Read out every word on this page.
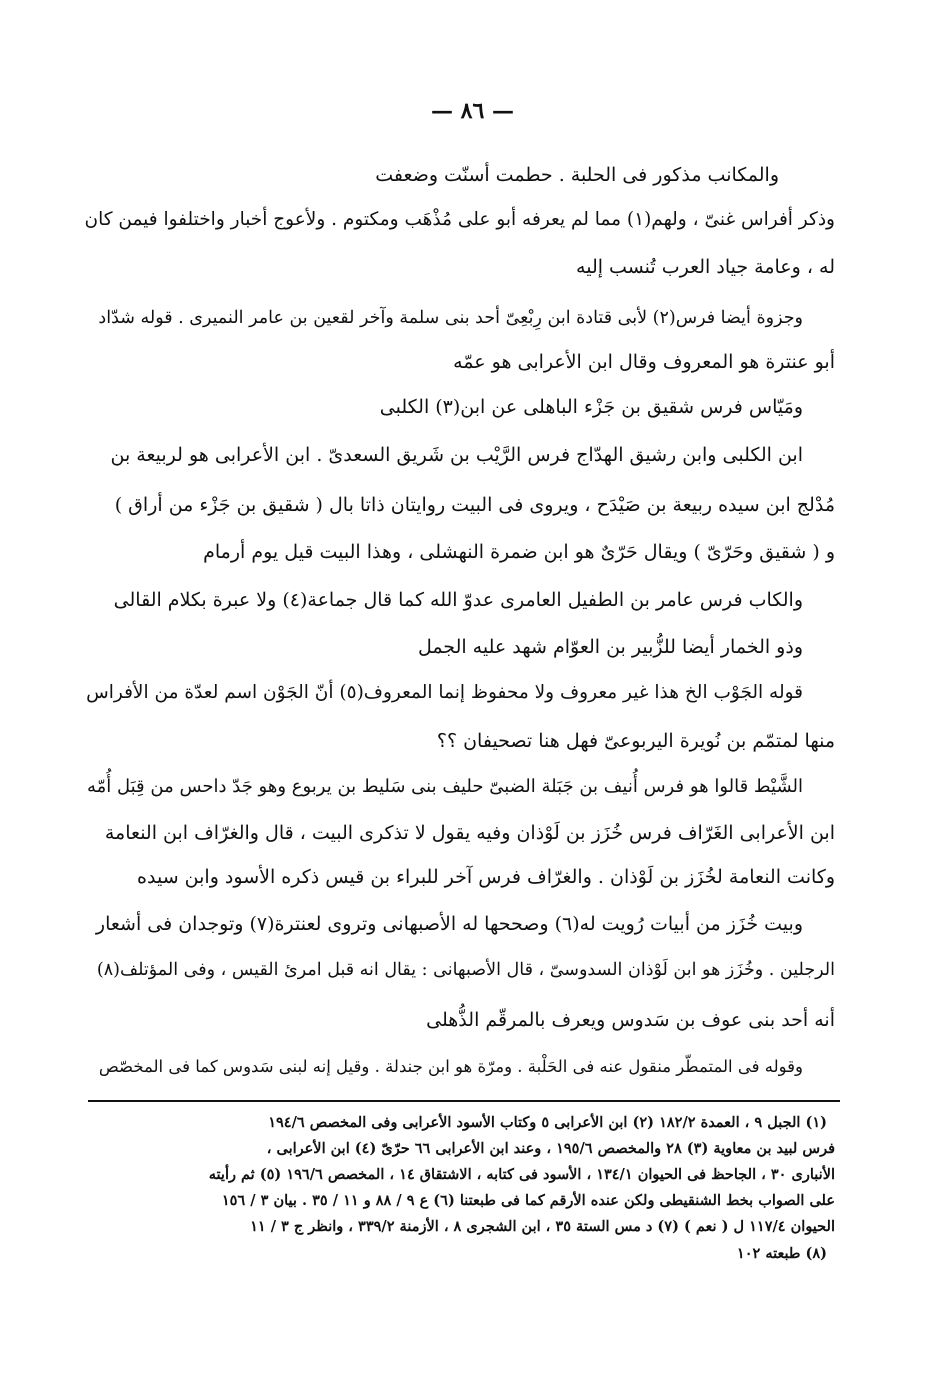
— ٨٦ —
والمكانب مذكور فى الحلبة . حطمت أسنّت وضعفت
وذكر أفراس غنىّ ، ولهم(١) مما لم يعرفه أبو على مُذْهَب ومكتوم . ولأعوج أخبار واختلفوا فيمن كان
له ، وعامة جياد العرب تُنسب إليه
وجزوة أيضا فرس(٢) لأبى قتادة ابن رِبْعِىّ أحد بنى سلمة وآخر لقعين بن عامر النميرى . قوله شدّاد
أبو عنترة هو المعروف وقال ابن الأعرابى هو عمّه
ومَيّاس فرس شقيق بن جَزْء الباهلى عن ابن(٣) الكلبى
ابن الكلبى وابن رشيق الهدّاج فرس الرَّيْب بن شَريق السعدىّ . ابن الأعرابى هو لربيعة بن
مُدْلج ابن سيده ربيعة بن صَيْدَح ، ويروى فى البيت روايتان ذاتا بال ( شقيق بن جَزْء من أراق )
و ( شقيق وحَرّىّ ) ويقال حَرّىٌ هو ابن ضمرة النهشلى ، وهذا البيت قيل يوم أرمام
والكاب فرس عامر بن الطفيل العامرى عدوّ الله كما قال جماعة(٤) ولا عبرة بكلام القالى
وذو الخمار أيضا للزُّبير بن العوّام شهد عليه الجمل
قوله الجَوْب الخ هذا غير معروف ولا محفوظ إنما المعروف(٥) أنّ الجَوْن اسم لعدّة من الأفراس
منها لمتمّم بن نُويرة اليربوعىّ فهل هنا تصحيفان ؟؟
الشَّيْط قالوا هو فرس أُنيف بن جَبَلة الضبىّ حليف بنى سَليط بن يربوع وهو جَدّ داحس من قِبَل أُمّه
ابن الأعرابى الغَرّاف فرس خُزَز بن لَوْذان وفيه يقول لا تذكرى البيت ، قال والغرّاف ابن النعامة
وكانت النعامة لخُزَز بن لَوْذان . والغرّاف فرس آخر للبراء بن قيس ذكره الأسود وابن سيده
وبيت خُزَز من أبيات رُويت له(٦) وصححها له الأصبهانى وتروى لعنترة(٧) وتوجدان فى أشعار
الرجلين . وخُزَز هو ابن لَوْذان السدوسىّ ، قال الأصبهانى : يقال انه قبل امرئ القيس ، وفى المؤتلف(٨)
أنه أحد بنى عوف بن سَدوس ويعرف بالمرقّم الذُّهلى
وقوله فى المتمطّر منقول عنه فى الحَلْبة . ومرّة هو ابن جندلة . وقيل إنه لبنى سَدوس كما فى المخصّص
(١) الجبل ٩ ، العمدة ١٨٢/٢ (٢) ابن الأعرابى ٥ وكتاب الأسود الأعرابى وفى المخصص ١٩٤/٦
فرس لبيد بن معاوية (٣) ٢٨ والمخصص ١٩٥/٦ ، وعند ابن الأعرابى ٦٦ حرّىّ (٤) ابن الأعرابى ،
الأنبارى ٣٠ ، الجاحظ فى الحيوان ١٣٤/١ ، الأسود فى كتابه ، الاشتقاق ١٤ ، المخصص ١٩٦/٦ (٥) ثم رأيته
على الصواب بخط الشنقيطى ولكن عنده الأرقم كما فى طبعتنا (٦) ع ٩ / ٨٨ و ١١ / ٣٥ . بيان ٣ / ١٥٦
الحيوان ١١٧/٤ ل ( نعم ) (٧) د مس الستة ٣٥ ، ابن الشجرى ٨ ، الأزمنة ٣٣٩/٢ ، وانظر ج ٣ / ١١
(٨) طبعته ١٠٢
